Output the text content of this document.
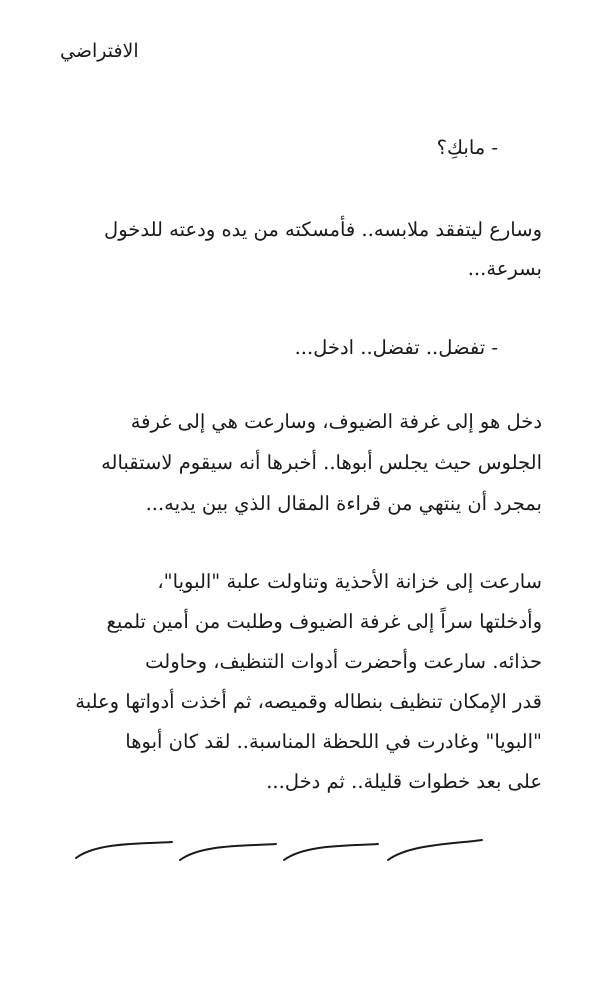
الافتراضي
- مابكِ؟
وسارع ليتفقد ملابسه.. فأمسكته من يده ودعته للدخول
بسرعة...
- تفضل.. تفضل.. ادخل...
دخل هو إلى غرفة الضيوف، وسارعت هي إلى غرفة
الجلوس حيث يجلس أبوها.. أخبرها أنه سيقوم لاستقباله
بمجرد أن ينتهي من قراءة المقال الذي بين يديه...
سارعت إلى خزانة الأحذية وتناولت علبة "البويا"،
وأدخلتها سراً إلى غرفة الضيوف وطلبت من أمين تلميع
حذائه. سارعت وأحضرت أدوات التنظيف، وحاولت
قدر الإمكان تنظيف بنطاله وقميصه، ثم أخذت أدواتها وعلبة
"البويا" وغادرت في اللحظة المناسبة.. لقد كان أبوها
على بعد خطوات قليلة.. ثم دخل...
